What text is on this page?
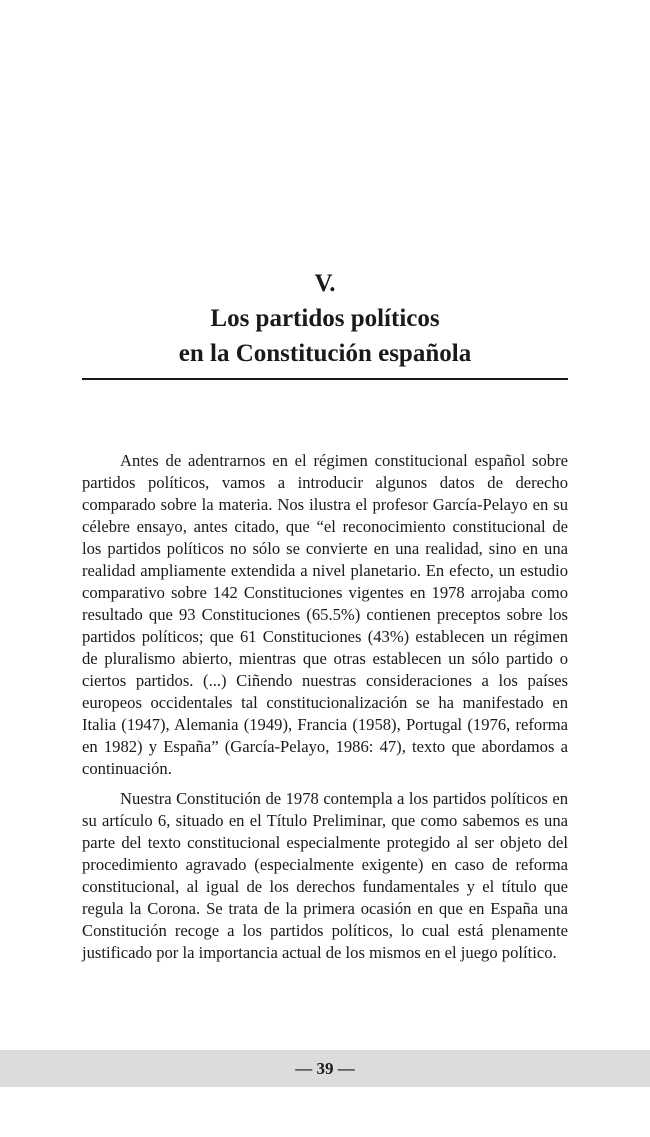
V.
Los partidos políticos
en la Constitución española

Antes de adentrarnos en el régimen constitucional español sobre partidos políticos, vamos a introducir algunos datos de derecho comparado sobre la materia. Nos ilustra el profesor García-Pelayo en su célebre ensayo, antes citado, que “el reconocimiento constitucional de los partidos políticos no sólo se convierte en una realidad, sino en una realidad ampliamente extendida a nivel planetario. En efecto, un estudio comparativo sobre 142 Constituciones vigentes en 1978 arrojaba como resultado que 93 Constituciones (65.5%) contienen preceptos sobre los partidos políticos; que 61 Constituciones (43%) establecen un régimen de pluralismo abierto, mientras que otras establecen un sólo partido o ciertos partidos. (...) Ciñendo nuestras consideraciones a los países europeos occidentales tal constitucionalización se ha manifestado en Italia (1947), Alemania (1949), Francia (1958), Portugal (1976, reforma en 1982) y España” (García-Pelayo, 1986: 47), texto que abordamos a continuación.

Nuestra Constitución de 1978 contempla a los partidos políticos en su artículo 6, situado en el Título Preliminar, que como sabemos es una parte del texto constitucional especialmente protegido al ser objeto del procedimiento agravado (especialmente exigente) en caso de reforma constitucional, al igual de los derechos fundamentales y el título que regula la Corona. Se trata de la primera ocasión en que en España una Constitución recoge a los partidos políticos, lo cual está plenamente justificado por la importancia actual de los mismos en el juego político.

— 39 —
